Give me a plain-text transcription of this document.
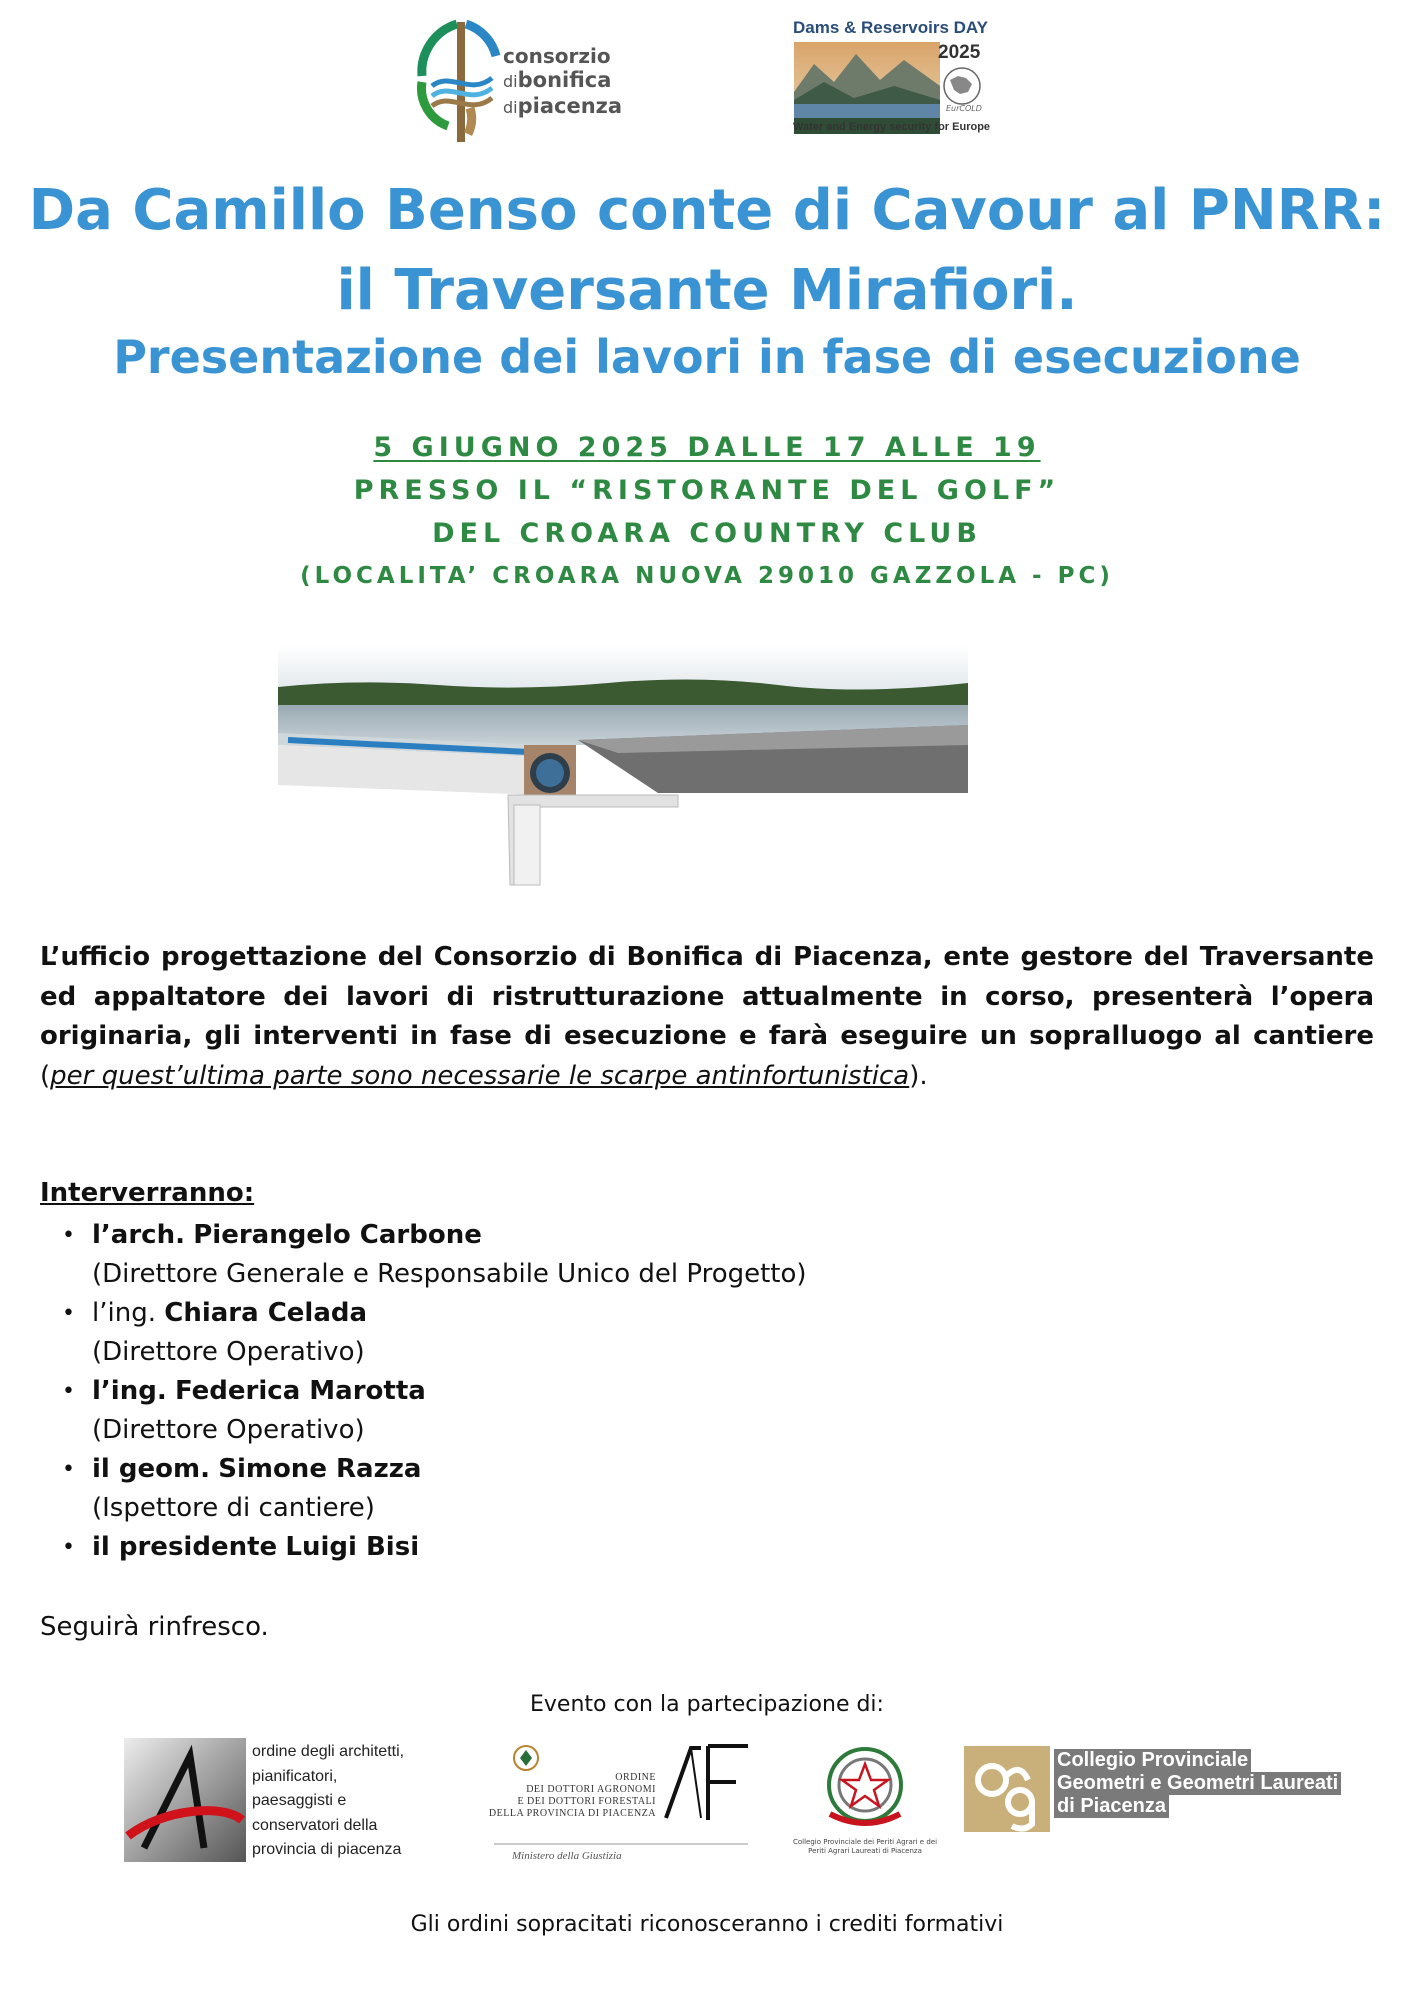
consorzio
dibonifica
dipiacenza
Dams & Reservoirs DAY
2025
EurCOLD
Water and Energy security for Europe
Da Camillo Benso conte di Cavour al PNRR:
il Traversante Mirafiori.
Presentazione dei lavori in fase di esecuzione
5 GIUGNO 2025 DALLE 17 ALLE 19
PRESSO IL “RISTORANTE DEL GOLF”
DEL CROARA COUNTRY CLUB
(LOCALITA’ CROARA NUOVA 29010 GAZZOLA - PC)
L’ufficio progettazione del Consorzio di Bonifica di Piacenza, ente gestore del Traversante ed appaltatore dei lavori di ristrutturazione attualmente in corso, presenterà l’opera originaria, gli interventi in fase di esecuzione e farà eseguire un sopralluogo al cantiere (per quest’ultima parte sono necessarie le scarpe antinfortunistica).
Interverranno:
• l’arch. Pierangelo Carbone
(Direttore Generale e Responsabile Unico del Progetto)
• l’ing. Chiara Celada
(Direttore Operativo)
• l’ing. Federica Marotta
(Direttore Operativo)
• il geom. Simone Razza
(Ispettore di cantiere)
• il presidente Luigi Bisi
Seguirà rinfresco.
Evento con la partecipazione di:
ordine degli architetti,
pianificatori,
paesaggisti e
conservatori della
provincia di piacenza
ORDINE
DEI DOTTORI AGRONOMI
E DEI DOTTORI FORESTALI
DELLA PROVINCIA DI PIACENZA
Ministero della Giustizia
Collegio Provinciale dei Periti Agrari e dei Periti Agrari Laureati di Piacenza
Collegio Provinciale
Geometri e Geometri Laureati
di Piacenza
Gli ordini sopracitati riconosceranno i crediti formativi
